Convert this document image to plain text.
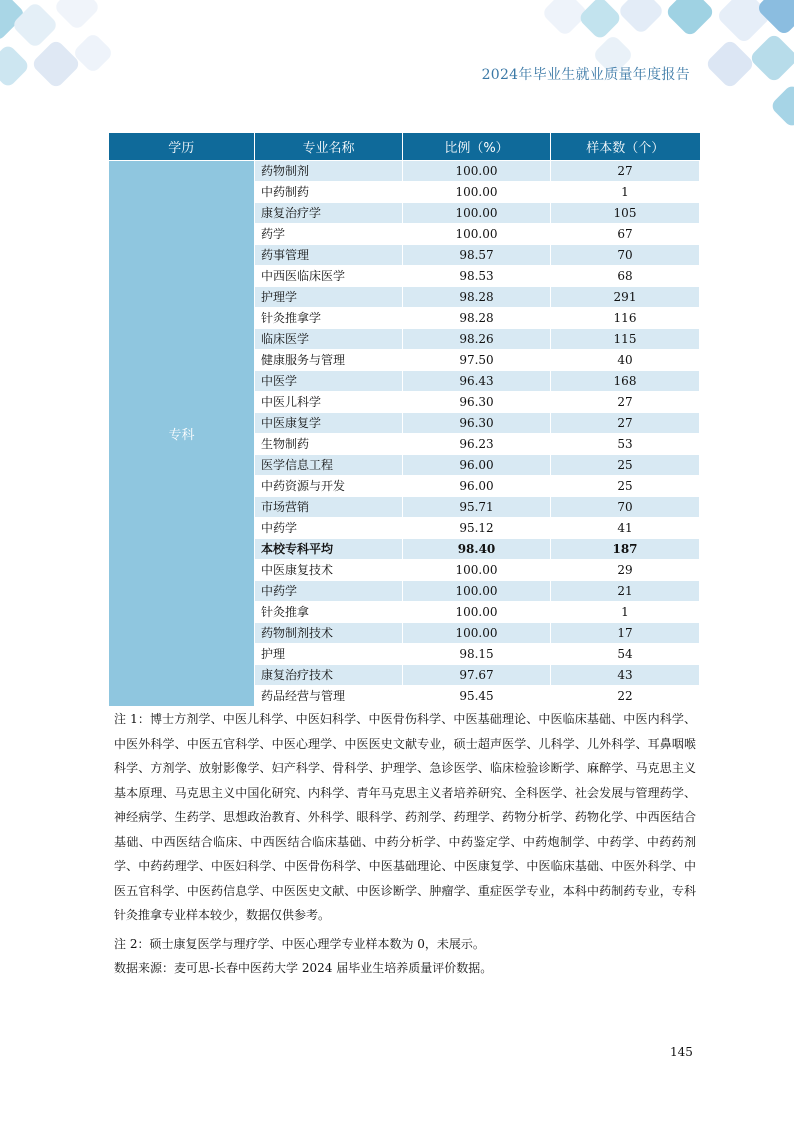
2024年毕业生就业质量年度报告
学历	专业名称	比例（%）	样本数（个）
专科	药物制剂	100.00	27
	中药制药	100.00	1
	康复治疗学	100.00	105
	药学	100.00	67
	药事管理	98.57	70
	中西医临床医学	98.53	68
	护理学	98.28	291
	针灸推拿学	98.28	116
	临床医学	98.26	115
	健康服务与管理	97.50	40
	中医学	96.43	168
	中医儿科学	96.30	27
	中医康复学	96.30	27
	生物制药	96.23	53
	医学信息工程	96.00	25
	中药资源与开发	96.00	25
	市场营销	95.71	70
	中药学	95.12	41
	本校专科平均	98.40	187
	中医康复技术	100.00	29
	中药学	100.00	21
	针灸推拿	100.00	1
	药物制剂技术	100.00	17
	护理	98.15	54
	康复治疗技术	97.67	43
	药品经营与管理	95.45	22

注 1：博士方剂学、中医儿科学、中医妇科学、中医骨伤科学、中医基础理论、中医临床基础、中医内科学、中医外科学、中医五官科学、中医心理学、中医医史文献专业，硕士超声医学、儿科学、儿外科学、耳鼻咽喉科学、方剂学、放射影像学、妇产科学、骨科学、护理学、急诊医学、临床检验诊断学、麻醉学、马克思主义基本原理、马克思主义中国化研究、内科学、青年马克思主义者培养研究、全科医学、社会发展与管理药学、神经病学、生药学、思想政治教育、外科学、眼科学、药剂学、药理学、药物分析学、药物化学、中西医结合基础、中西医结合临床、中西医结合临床基础、中药分析学、中药鉴定学、中药炮制学、中药学、中药药剂学、中药药理学、中医妇科学、中医骨伤科学、中医基础理论、中医康复学、中医临床基础、中医外科学、中医五官科学、中医药信息学、中医医史文献、中医诊断学、肿瘤学、重症医学专业，本科中药制药专业，专科针灸推拿专业样本较少，数据仅供参考。

注 2：硕士康复医学与理疗学、中医心理学专业样本数为 0，未展示。

数据来源：麦可思-长春中医药大学 2024 届毕业生培养质量评价数据。

145
